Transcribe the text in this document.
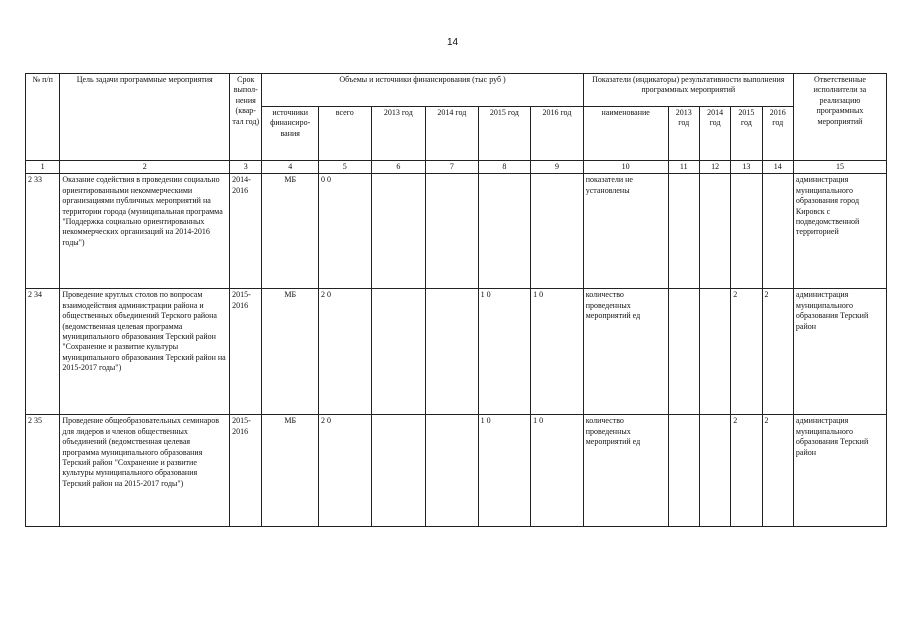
14
№ п/п	Цель задачи программные мероприятия	Срок выпол-нения (квар-тал год)	Объемы и источники финансирования (тыс руб )						Показатели (индикаторы) результативности выполнения программных мероприятий					Ответственные исполнители за реализацию программных мероприятий
			источники финансиро-вания	всего	2013 год	2014 год	2015 год	2016 год	наименование	2013 год	2014 год	2015 год	2016 год	
1	2	3	4	5	6	7	8	9	10	11	12	13	14	15
2 33	Оказание содействия в проведении социально ориентированными некоммерческими организациями публичных мероприятий на территории города (муниципальная программа "Поддержка социально ориентированных некоммерческих организаций на 2014-2016 годы")	2014-2016	МБ	0 0					показатели не установлены					администрация муниципального образования город Кировск с подведомственной территорией
2 34	Проведение круглых столов по вопросам взаимодействия администрации района и общественных объединений Терского района (ведомственная целевая программа муниципального образования Терский район "Сохранение и развитие культуры муниципального образования Терский район на 2015-2017 годы")	2015-2016	МБ	2 0			1 0	1 0	количество проведенных мероприятий ед			2	2	администрация муниципального образования Терский район
2 35	Проведение общеобразовательных семинаров для лидеров и членов общественных объединений (ведомственная целевая программа муниципального образования Терский район "Сохранение и развитие культуры муниципального образования Терский район на 2015-2017 годы")	2015-2016	МБ	2 0			1 0	1 0	количество проведенных мероприятий ед			2	2	администрация муниципального образования Терский район
